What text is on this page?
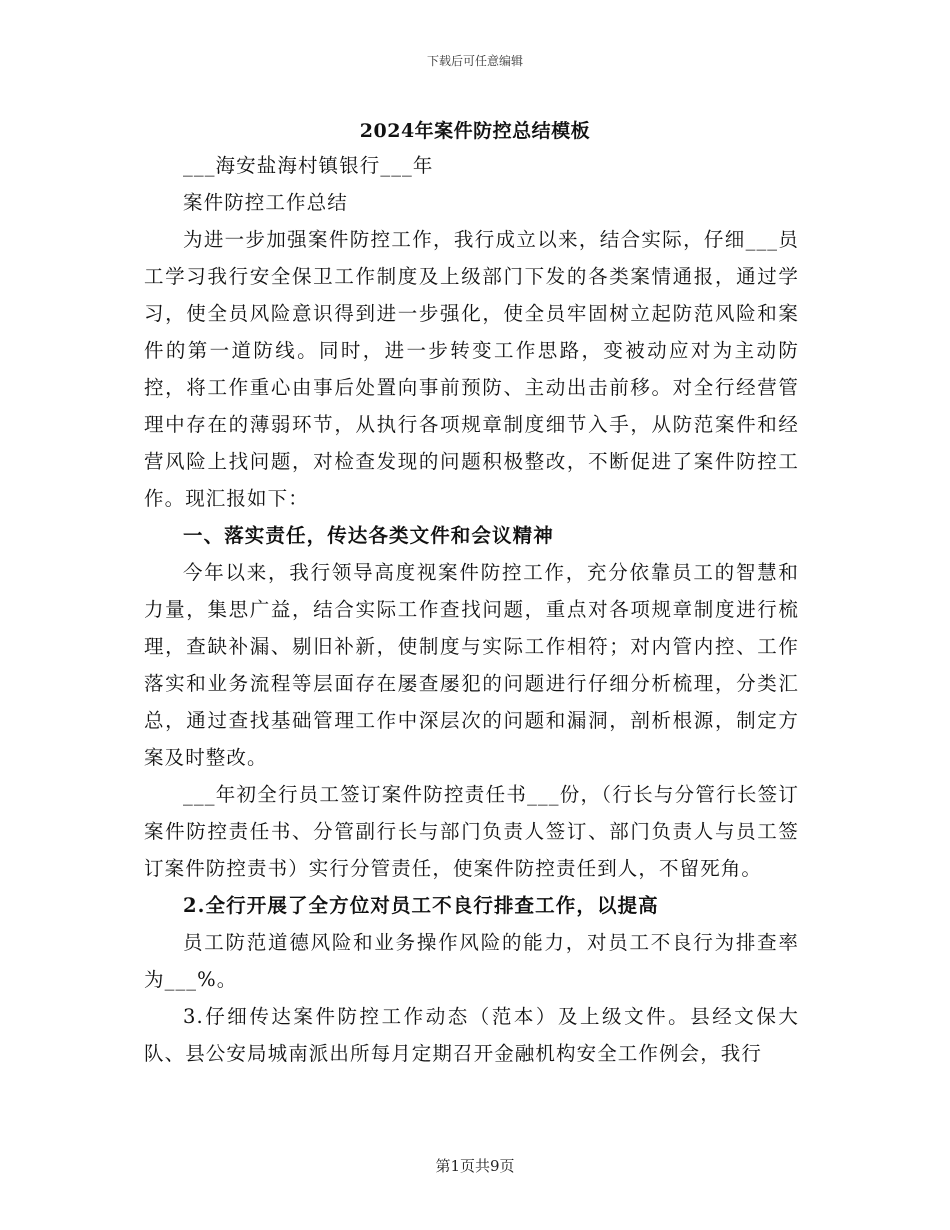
下载后可任意编辑
2024年案件防控总结模板

___海安盐海村镇银行___年

案件防控工作总结

为进一步加强案件防控工作，我行成立以来，结合实际，仔细___员工学习我行安全保卫工作制度及上级部门下发的各类案情通报，通过学习，使全员风险意识得到进一步强化，使全员牢固树立起防范风险和案件的第一道防线。同时，进一步转变工作思路，变被动应对为主动防控，将工作重心由事后处置向事前预防、主动出击前移。对全行经营管理中存在的薄弱环节，从执行各项规章制度细节入手，从防范案件和经营风险上找问题，对检查发现的问题积极整改，不断促进了案件防控工作。现汇报如下：

一、落实责任，传达各类文件和会议精神

今年以来，我行领导高度视案件防控工作，充分依靠员工的智慧和力量，集思广益，结合实际工作查找问题，重点对各项规章制度进行梳理，查缺补漏、剔旧补新，使制度与实际工作相符；对内管内控、工作落实和业务流程等层面存在屡查屡犯的问题进行仔细分析梳理，分类汇总，通过查找基础管理工作中深层次的问题和漏洞，剖析根源，制定方案及时整改。

___年初全行员工签订案件防控责任书___份，（行长与分管行长签订案件防控责任书、分管副行长与部门负责人签订、部门负责人与员工签订案件防控责书）实行分管责任，使案件防控责任到人，不留死角。

2.全行开展了全方位对员工不良行排查工作，以提高

员工防范道德风险和业务操作风险的能力，对员工不良行为排查率为___%。

3.仔细传达案件防控工作动态（范本）及上级文件。县经文保大队、县公安局城南派出所每月定期召开金融机构安全工作例会，我行

第1页共9页
